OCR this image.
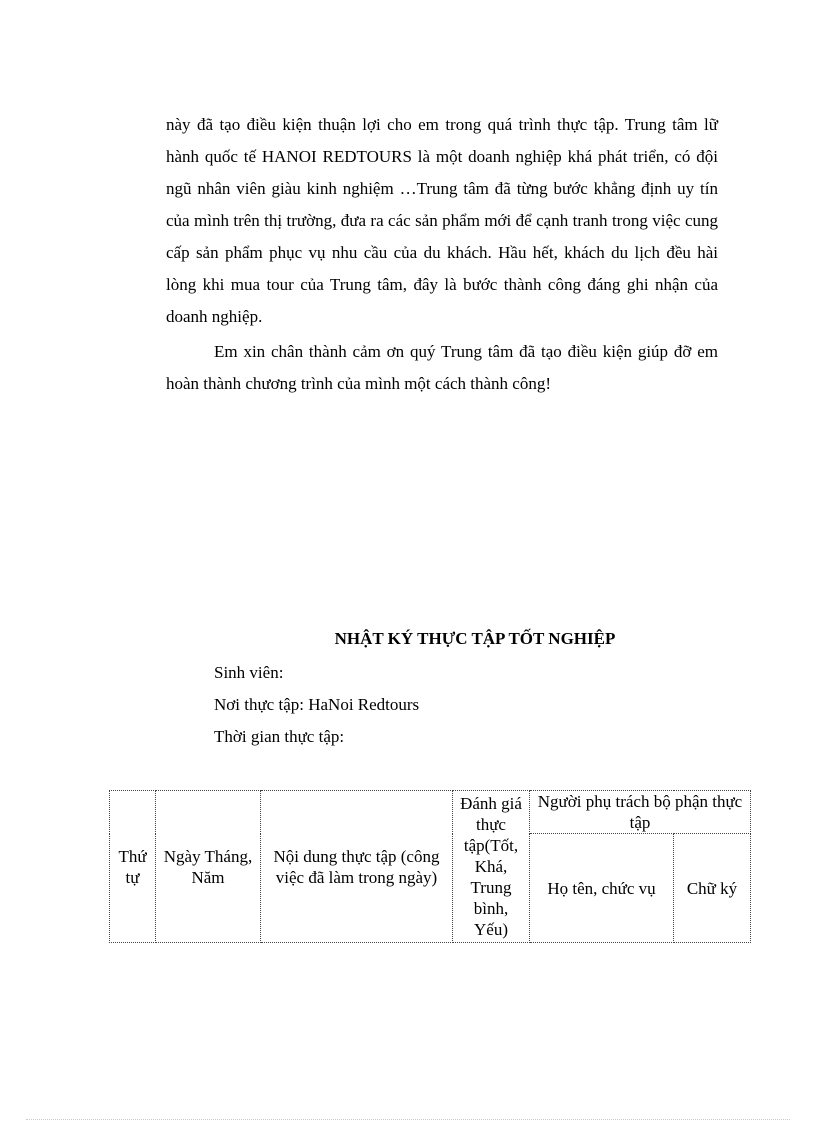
này đã tạo điều kiện thuận lợi cho em trong quá trình thực tập. Trung tâm lữ hành quốc tế HANOI REDTOURS là một doanh nghiệp khá phát triển, có đội ngũ nhân viên giàu kinh nghiệm …Trung tâm đã từng bước khẳng định uy tín của mình trên thị trường, đưa ra các sản phẩm mới để cạnh tranh trong việc cung cấp sản phẩm phục vụ nhu cầu của du khách. Hầu hết, khách du lịch đều hài lòng khi mua tour của Trung tâm, đây là bước thành công đáng ghi nhận của doanh nghiệp.

Em xin chân thành cảm ơn quý Trung tâm đã tạo điều kiện giúp đỡ em hoàn thành chương trình của mình một cách thành công!

NHẬT KÝ THỰC TẬP TỐT NGHIỆP

Sinh viên:

Nơi thực tập: HaNoi Redtours

Thời gian thực tập:

Thứ tự	Ngày Tháng, Năm	Nội dung thực tập (công việc đã làm trong ngày)	Đánh giá thực tập(Tốt, Khá, Trung bình, Yếu)	Người phụ trách bộ phận thực tập	
				Họ tên, chức vụ	Chữ ký
